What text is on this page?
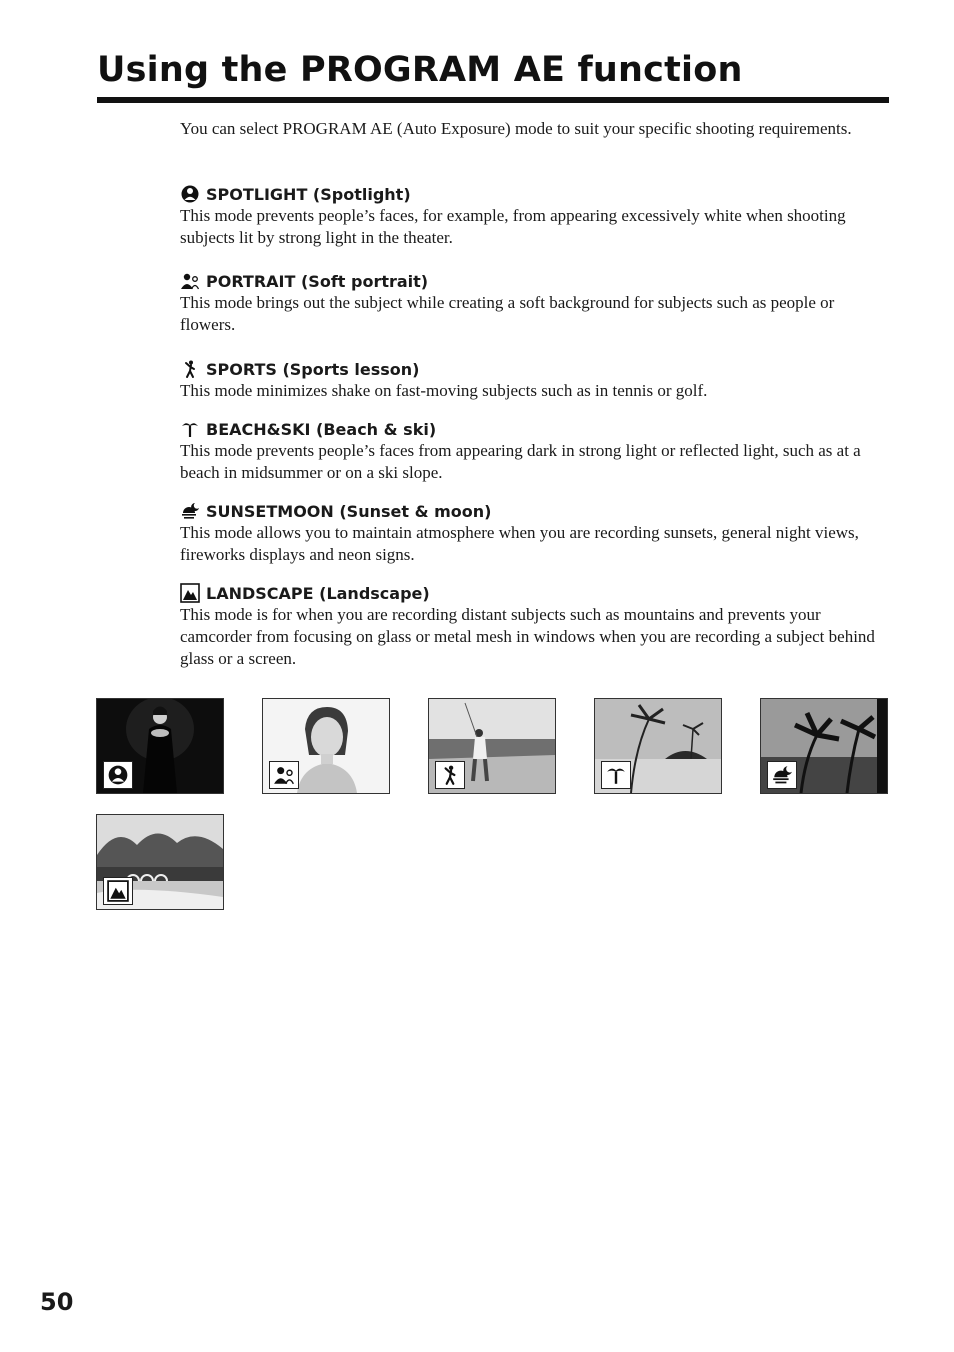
Using the PROGRAM AE function

You can select PROGRAM AE (Auto Exposure) mode to suit your specific shooting requirements.

SPOTLIGHT (Spotlight)

This mode prevents people’s faces, for example, from appearing excessively white when shooting subjects lit by strong light in the theater.

PORTRAIT (Soft portrait)

This mode brings out the subject while creating a soft background for subjects such as people or flowers.

SPORTS (Sports lesson)

This mode minimizes shake on fast-moving subjects such as in tennis or golf.

BEACH&SKI (Beach & ski)

This mode prevents people’s faces from appearing dark in strong light or reflected light, such as at a beach in midsummer or on a ski slope.

SUNSETMOON (Sunset & moon)

This mode allows you to maintain atmosphere when you are recording sunsets, general night views, fireworks displays and neon signs.

LANDSCAPE (Landscape)

This mode is for when you are recording distant subjects such as mountains and prevents your camcorder from focusing on glass or metal mesh in windows when you are recording a subject behind glass or a screen.

50
